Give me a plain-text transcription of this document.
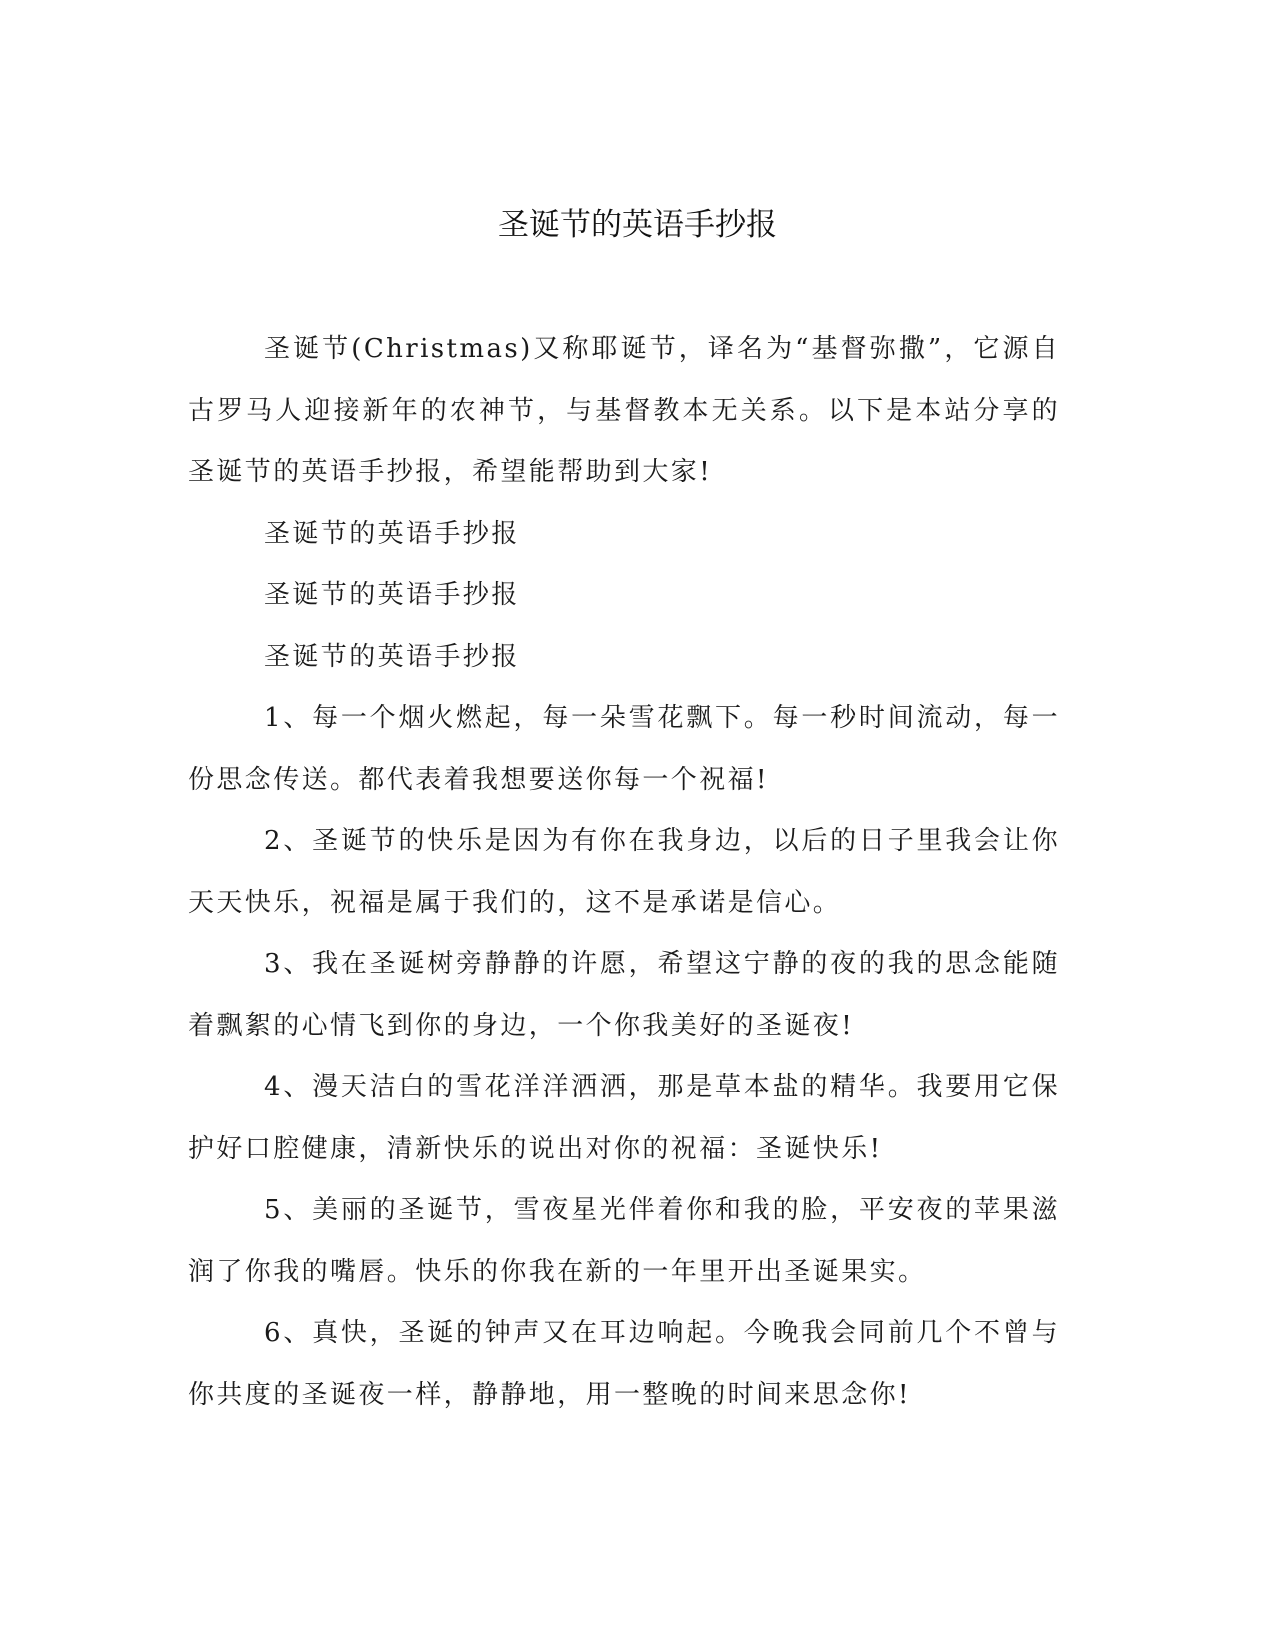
圣诞节的英语手抄报

圣诞节(Christmas)又称耶诞节，译名为“基督弥撒”，它源自古罗马人迎接新年的农神节，与基督教本无关系。以下是本站分享的圣诞节的英语手抄报，希望能帮助到大家!

圣诞节的英语手抄报

圣诞节的英语手抄报

圣诞节的英语手抄报

1、每一个烟火燃起，每一朵雪花飘下。每一秒时间流动，每一份思念传送。都代表着我想要送你每一个祝福!

2、圣诞节的快乐是因为有你在我身边，以后的日子里我会让你天天快乐，祝福是属于我们的，这不是承诺是信心。

3、我在圣诞树旁静静的许愿，希望这宁静的夜的我的思念能随着飘絮的心情飞到你的身边，一个你我美好的圣诞夜!

4、漫天洁白的雪花洋洋洒洒，那是草本盐的精华。我要用它保护好口腔健康，清新快乐的说出对你的祝福：圣诞快乐!

5、美丽的圣诞节，雪夜星光伴着你和我的脸，平安夜的苹果滋润了你我的嘴唇。快乐的你我在新的一年里开出圣诞果实。

6、真快，圣诞的钟声又在耳边响起。今晚我会同前几个不曾与你共度的圣诞夜一样，静静地，用一整晚的时间来思念你!
